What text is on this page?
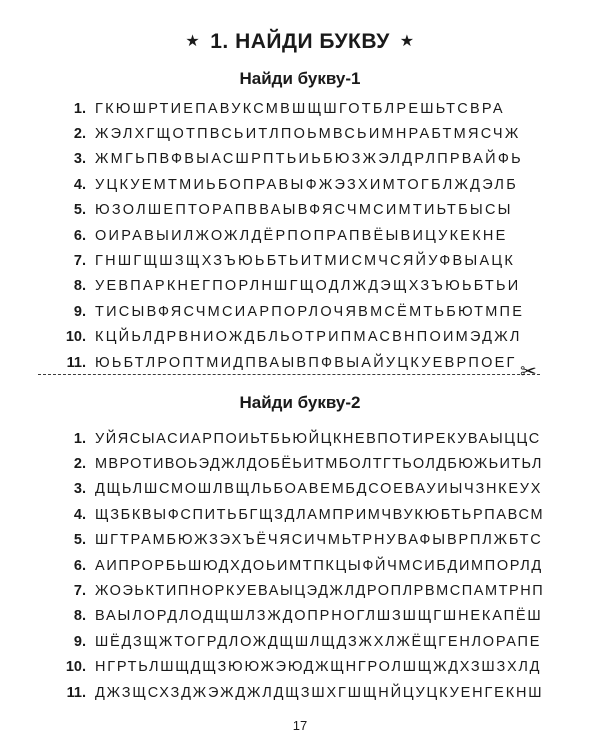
★ 1. НАЙДИ БУКВУ ★
Найди букву-1
1. ГКЮШРТИЕПАВУКСМВШЩШГОТБЛРЕШЬТСВРА
2. ЖЭЛХГЩОТПВСЬИТЛПОЬМВСЬИМНРАБТМЯСЧЖ
3. ЖМГЬПВФВЫАСШРПТЬИЬБЮЗЖЭЛДРЛПРВАЙФЬ
4. УЦКУЕМТМИЬБОПРАВЫФЖЭЗХИМТОГБЛЖДЭЛБ
5. ЮЗОЛШЕПТОРАПВВАЫВФЯСЧМСИМТИЬТБЫСЫ
6. ОИРАВЫИЛЖОЖЛДЁРПОПРАПВЁЫВИЦУКЕКНЕ
7. ГНШГЩШЗЩХЗЪЮЬБТЬИТМИСМЧСЯЙУФВЫАЦК
8. УЕВПАРКНЕГПОРЛНШГЩОДЛЖДЭЩХЗЪЮЬБТЬИ
9. ТИСЫВФЯСЧМСИАРПОРЛОЧЯВМСЁМТЬБЮТМПЕ
10. КЦЙЬЛДРВНИОЖДБЛЬОТРИПМАСВНПОИМЭДЖЛ
11. ЮЬБТЛРОПТМИДПВАЫВПФВЫАЙУЦКУЕВРПОЕГ ✂
Найди букву-2
1. УЙЯСЫАСИАРПОИЬТБЬЮЙЦКНЕВПОТИРЕКУВАЫЦЦС
2. МВРОТИВОЬЭДЖЛДОБЁЬИТМБОЛТГТЬОЛДБЮЖЬИТЬЛ
3. ДЩЬЛШСМОШЛВЩЛЬБОАВЕМБДСОЕВАУИЫЧЗНКЕУХ
4. ЩЗБКВЫФСПИТЬБГЩЗДЛАМПРИМЧВУКЮБТЬРПАВСМ
5. ШГТРАМБЮЖЗЭХЪЁЧЯСИЧМЬТРНУВАФЫВРПЛЖБТС
6. АИПРОРБЬШЮДХДОЬИМТПКЦЫФЙЧМСИБДИМПОРЛД
7. ЖОЭЬКТИПНОРКУЕВАЫЦЭДЖЛДРОПЛРВМСПАМТРНП
8. ВАЫЛОРДЛОДЩШЛЗЖДОПРНОГЛШЗШЩГШНЕКАПЁШ
9. ШЁДЗЩЖТОГРДЛОЖДЩШЛЩДЗЖХЛЖЁЩГЕНЛОРАПЕ
10. НГРТЬЛШЩДЩЗЮЮЖЭЮДЖЩНГРОЛШЩЖДХЗШЗХЛД
11. ДЖЗЩСХЗДЖЭЖДЖЛДЩЗШХГШЩНЙЦУЦКУЕНГЕКНШ
17
